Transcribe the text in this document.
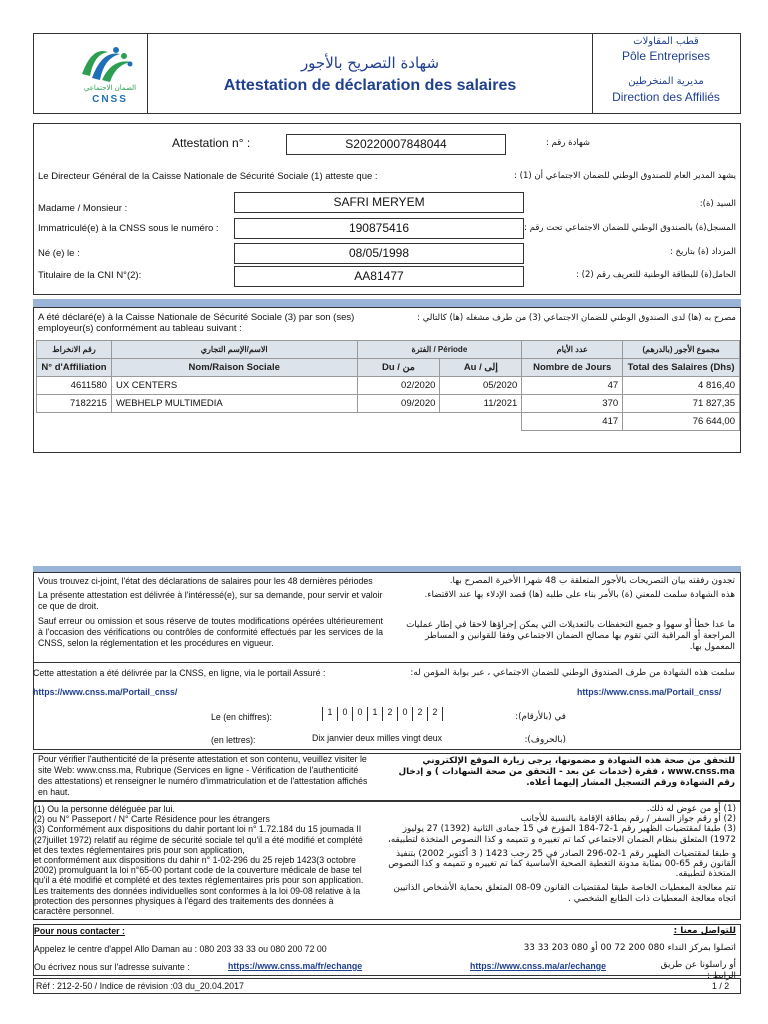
الضمان الاجتماعي
CNSS
شهادة التصريح بالأجور
Attestation de déclaration des salaires
قطب المقاولات
Pôle Entreprises
مديرية المنخرطين
Direction des Affiliés
Attestation n° :	S20220007848044	شهادة رقم :
Le Directeur Général de la Caisse Nationale de Sécurité Sociale (1) atteste que :	يشهد المدير العام للصندوق الوطني للضمان الاجتماعي أن (1) :
Madame / Monsieur :	SAFRI MERYEM	السيد (ة):
Immatriculé(e) à la CNSS sous le numéro :	190875416	المسجل(ة) بالصندوق الوطني للضمان الاجتماعي تحت رقم :
Né (e) le :	08/05/1998	المزداد (ة) بتاريخ :
Titulaire de la CNI N°(2):	AA81477	الحامل(ة) للبطاقة الوطنية للتعريف رقم (2) :
A été déclaré(e) à la Caisse Nationale de Sécurité Sociale (3) par son (ses) employeur(s) conformément au tableau suivant :
مصرح به (ها) لدى الصندوق الوطني للضمان الاجتماعي (3) من طرف مشغله (ها) كالتالي :
رقم الانخراط	الاسم/الإسم التجاري	الفترة / Période		عدد الأيام	مجموع الأجور (بالدرهم)
N° d'Affiliation	Nom/Raison Sociale	Du / من	Au / إلى	Nombre de Jours	Total des Salaires (Dhs)
4611580	UX CENTERS	02/2020	05/2020	47	4 816,40
7182215	WEBHELP MULTIMEDIA	09/2020	11/2021	370	71 827,35
				417	76 644,00
Vous trouvez ci-joint, l'état des déclarations de salaires pour les 48 dernières périodes	تجدون رفقته بيان التصريحات بالأجور المتعلقة ب 48 شهرا الأخيرة المصرح بها.
La présente attestation est délivrée à l'intéressé(e), sur sa demande, pour servir et valoir ce que de droit.
هذه الشهادة سلمت للمعني (ة) بالأمر بناء على طلبه (ها) قصد الإدلاء بها عند الاقتضاء.
Sauf erreur ou omission et sous réserve de toutes modifications opérées ultérieurement à l'occasion des vérifications ou contrôles de conformité effectués par les services de la CNSS, selon la réglementation et les procédures en vigueur.
ما عدا خطأ أو سهوا و جميع التحفظات بالتعديلات التي يمكن إجراؤها لاحقا في إطار عمليات المراجعة أو المراقبة التي تقوم بها مصالح الضمان الاجتماعي وفقا للقوانين و المساطر المعمول بها.
Cette attestation a été délivrée par la CNSS, en ligne, via le portail Assuré :	سلمت هذه الشهادة من طرف الصندوق الوطني للضمان الاجتماعي ، عبر بوابة المؤمن له:
https://www.cnss.ma/Portail_cnss/	https://www.cnss.ma/Portail_cnss/
Le (en chiffres):	1	0	0	1	2	0	2	2	في (بالأرقام):
(en lettres):	Dix janvier deux milles vingt deux	(بالحروف):
Pour vérifier l'authenticité de la présente attestation et son contenu, veuillez visiter le site Web: www.cnss.ma, Rubrique (Services en ligne - Vérification de l'authenticité des attestations) et renseigner le numéro d'immatriculation et de l'attestation affichés en haut.
للتحقق من صحة هذه الشهادة و مضمونها، يرجى زيارة الموقع الإلكتروني www.cnss.ma ، فقرة (خدمات عن بعد - التحقق من صحة الشهادات ) و إدخال رقم الشهادة ورقم التسجيل المشار إليهما أعلاه.
(1) Ou la personne déléguée par lui.
(2) ou N° Passeport / N° Carte Résidence pour les étrangers
(3) Conformément aux dispositions du dahir portant loi n° 1.72.184 du 15 joumada II (27juillet 1972) relatif au régime de sécurité sociale tel qu'il a été modifié et complété et des textes réglementaires pris pour son application,
et conformément aux dispositions du dahir n° 1-02-296 du 25 rejeb 1423(3 octobre 2002) promulguant la loi n°65-00 portant code de la couverture médicale de base tel qu'il a été modifié et complété et des textes réglementaires pris pour son application.
Les traitements des données individuelles sont conformes à la loi 09-08 relative à la protection des personnes physiques à l'égard des traitements des données à caractère personnel.
(1) أو من عوض له ذلك.
(2) أو رقم جواز السفر / رقم بطاقة الإقامة بالنسبة للأجانب
(3) طبقا لمقتضيات الظهير رقم 1-72-184 المؤرخ في 15 جمادى الثانية (1392) 27 يوليوز 1972) المتعلق بنظام الضمان الاجتماعي كما تم تغييره و تتميمه و كذا النصوص المتخذة لتطبيقه،
و طبقا لمقتضيات الظهير رقم 1-02-296 الصادر في 25 رجب 1423 ( 3 أكتوبر 2002) بتنفيذ القانون رقم 65-00 بمثابة مدونة التغطية الصحية الأساسية كما تم تغييره و تتميمه و كذا النصوص المتخذة لتطبيقه.
تتم معالجة المعطيات الخاصة طبقا لمقتضيات القانون 09-08 المتعلق بحماية الأشخاص الذاتيين اتجاه معالجة المعطيات ذات الطابع الشخصي .
Pour nous contacter :	للتواصل معنا :
Appelez le centre d'appel Allo Daman au : 080 203 33 33 ou 080 200 72 00	اتصلوا بمركز النداء 080 200 72 00 أو 080 203 33 33
Ou écrivez nous sur l'adresse suivante :	https://www.cnss.ma/fr/echange	https://www.cnss.ma/ar/echange	أو راسلونا عن طريق الرابط :
Réf : 212-2-50 / Indice de révision :03 du_20.04.2017	1 / 2
